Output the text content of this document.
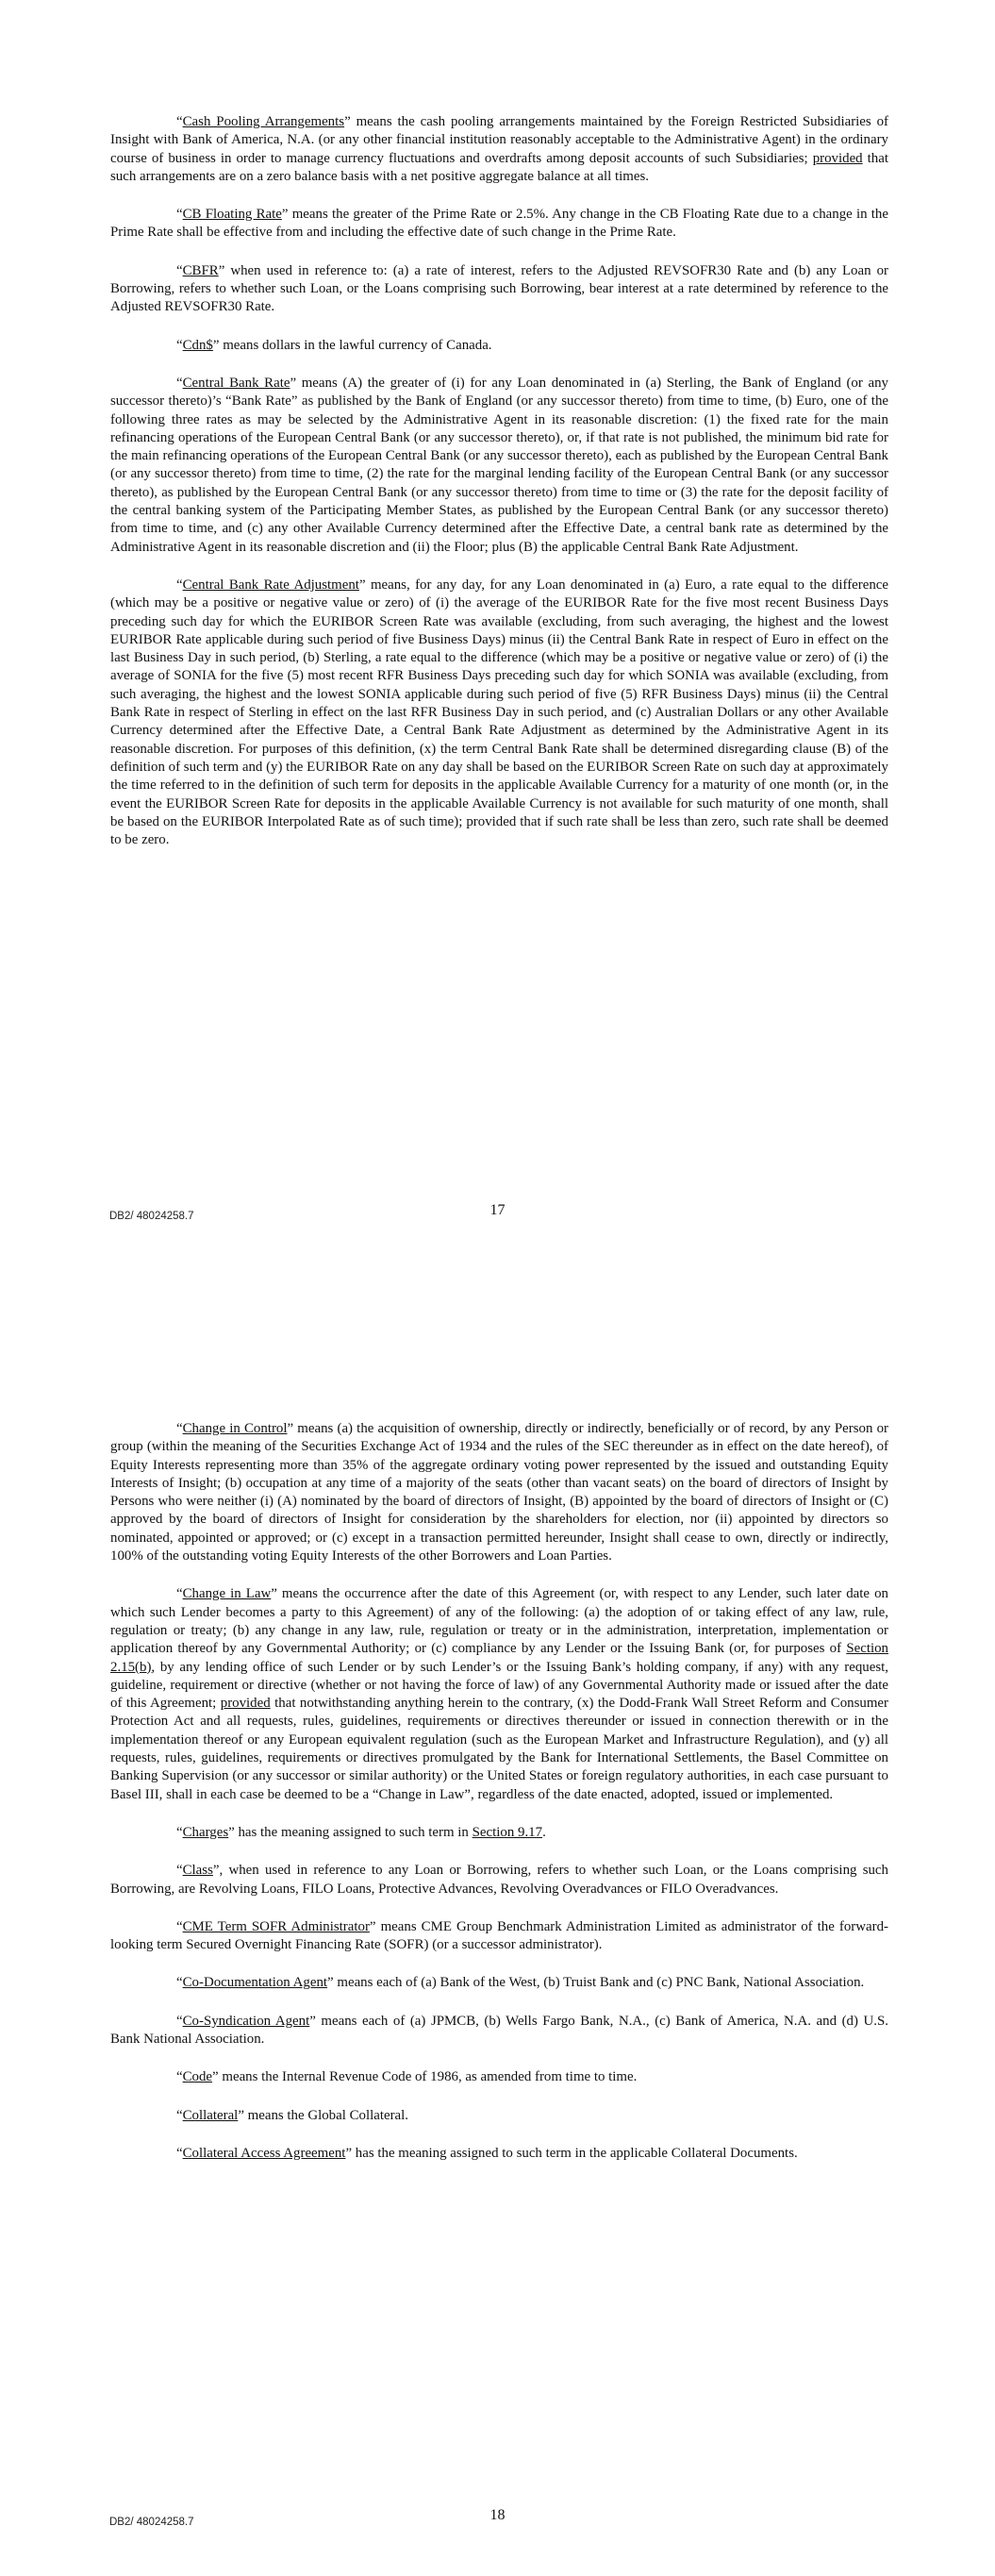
“Cash Pooling Arrangements” means the cash pooling arrangements maintained by the Foreign Restricted Subsidiaries of Insight with Bank of America, N.A. (or any other financial institution reasonably acceptable to the Administrative Agent) in the ordinary course of business in order to manage currency fluctuations and overdrafts among deposit accounts of such Subsidiaries; provided that such arrangements are on a zero balance basis with a net positive aggregate balance at all times.

“CB Floating Rate” means the greater of the Prime Rate or 2.5%. Any change in the CB Floating Rate due to a change in the Prime Rate shall be effective from and including the effective date of such change in the Prime Rate.

“CBFR” when used in reference to: (a) a rate of interest, refers to the Adjusted REVSOFR30 Rate and (b) any Loan or Borrowing, refers to whether such Loan, or the Loans comprising such Borrowing, bear interest at a rate determined by reference to the Adjusted REVSOFR30 Rate.

“Cdn$” means dollars in the lawful currency of Canada.

“Central Bank Rate” means (A) the greater of (i) for any Loan denominated in (a) Sterling, the Bank of England (or any successor thereto)’s “Bank Rate” as published by the Bank of England (or any successor thereto) from time to time, (b) Euro, one of the following three rates as may be selected by the Administrative Agent in its reasonable discretion: (1) the fixed rate for the main refinancing operations of the European Central Bank (or any successor thereto), or, if that rate is not published, the minimum bid rate for the main refinancing operations of the European Central Bank (or any successor thereto), each as published by the European Central Bank (or any successor thereto) from time to time, (2) the rate for the marginal lending facility of the European Central Bank (or any successor thereto), as published by the European Central Bank (or any successor thereto) from time to time or (3) the rate for the deposit facility of the central banking system of the Participating Member States, as published by the European Central Bank (or any successor thereto) from time to time, and (c) any other Available Currency determined after the Effective Date, a central bank rate as determined by the Administrative Agent in its reasonable discretion and (ii) the Floor; plus (B) the applicable Central Bank Rate Adjustment.

“Central Bank Rate Adjustment” means, for any day, for any Loan denominated in (a) Euro, a rate equal to the difference (which may be a positive or negative value or zero) of (i) the average of the EURIBOR Rate for the five most recent Business Days preceding such day for which the EURIBOR Screen Rate was available (excluding, from such averaging, the highest and the lowest EURIBOR Rate applicable during such period of five Business Days) minus (ii) the Central Bank Rate in respect of Euro in effect on the last Business Day in such period, (b) Sterling, a rate equal to the difference (which may be a positive or negative value or zero) of (i) the average of SONIA for the five (5) most recent RFR Business Days preceding such day for which SONIA was available (excluding, from such averaging, the highest and the lowest SONIA applicable during such period of five (5) RFR Business Days) minus (ii) the Central Bank Rate in respect of Sterling in effect on the last RFR Business Day in such period, and (c) Australian Dollars or any other Available Currency determined after the Effective Date, a Central Bank Rate Adjustment as determined by the Administrative Agent in its reasonable discretion. For purposes of this definition, (x) the term Central Bank Rate shall be determined disregarding clause (B) of the definition of such term and (y) the EURIBOR Rate on any day shall be based on the EURIBOR Screen Rate on such day at approximately the time referred to in the definition of such term for deposits in the applicable Available Currency for a maturity of one month (or, in the event the EURIBOR Screen Rate for deposits in the applicable Available Currency is not available for such maturity of one month, shall be based on the EURIBOR Interpolated Rate as of such time); provided that if such rate shall be less than zero, such rate shall be deemed to be zero.

DB2/ 48024258.7	17

“Change in Control” means (a) the acquisition of ownership, directly or indirectly, beneficially or of record, by any Person or group (within the meaning of the Securities Exchange Act of 1934 and the rules of the SEC thereunder as in effect on the date hereof), of Equity Interests representing more than 35% of the aggregate ordinary voting power represented by the issued and outstanding Equity Interests of Insight; (b) occupation at any time of a majority of the seats (other than vacant seats) on the board of directors of Insight by Persons who were neither (i) (A) nominated by the board of directors of Insight, (B) appointed by the board of directors of Insight or (C) approved by the board of directors of Insight for consideration by the shareholders for election, nor (ii) appointed by directors so nominated, appointed or approved; or (c) except in a transaction permitted hereunder, Insight shall cease to own, directly or indirectly, 100% of the outstanding voting Equity Interests of the other Borrowers and Loan Parties.

“Change in Law” means the occurrence after the date of this Agreement (or, with respect to any Lender, such later date on which such Lender becomes a party to this Agreement) of any of the following: (a) the adoption of or taking effect of any law, rule, regulation or treaty; (b) any change in any law, rule, regulation or treaty or in the administration, interpretation, implementation or application thereof by any Governmental Authority; or (c) compliance by any Lender or the Issuing Bank (or, for purposes of Section 2.15(b), by any lending office of such Lender or by such Lender’s or the Issuing Bank’s holding company, if any) with any request, guideline, requirement or directive (whether or not having the force of law) of any Governmental Authority made or issued after the date of this Agreement; provided that notwithstanding anything herein to the contrary, (x) the Dodd-Frank Wall Street Reform and Consumer Protection Act and all requests, rules, guidelines, requirements or directives thereunder or issued in connection therewith or in the implementation thereof or any European equivalent regulation (such as the European Market and Infrastructure Regulation), and (y) all requests, rules, guidelines, requirements or directives promulgated by the Bank for International Settlements, the Basel Committee on Banking Supervision (or any successor or similar authority) or the United States or foreign regulatory authorities, in each case pursuant to Basel III, shall in each case be deemed to be a “Change in Law”, regardless of the date enacted, adopted, issued or implemented.

“Charges” has the meaning assigned to such term in Section 9.17.

“Class”, when used in reference to any Loan or Borrowing, refers to whether such Loan, or the Loans comprising such Borrowing, are Revolving Loans, FILO Loans, Protective Advances, Revolving Overadvances or FILO Overadvances.

“CME Term SOFR Administrator” means CME Group Benchmark Administration Limited as administrator of the forward-looking term Secured Overnight Financing Rate (SOFR) (or a successor administrator).

“Co-Documentation Agent” means each of (a) Bank of the West, (b) Truist Bank and (c) PNC Bank, National Association.

“Co-Syndication Agent” means each of (a) JPMCB, (b) Wells Fargo Bank, N.A., (c) Bank of America, N.A. and (d) U.S. Bank National Association.

“Code” means the Internal Revenue Code of 1986, as amended from time to time.

“Collateral” means the Global Collateral.

“Collateral Access Agreement” has the meaning assigned to such term in the applicable Collateral Documents.

DB2/ 48024258.7	18
